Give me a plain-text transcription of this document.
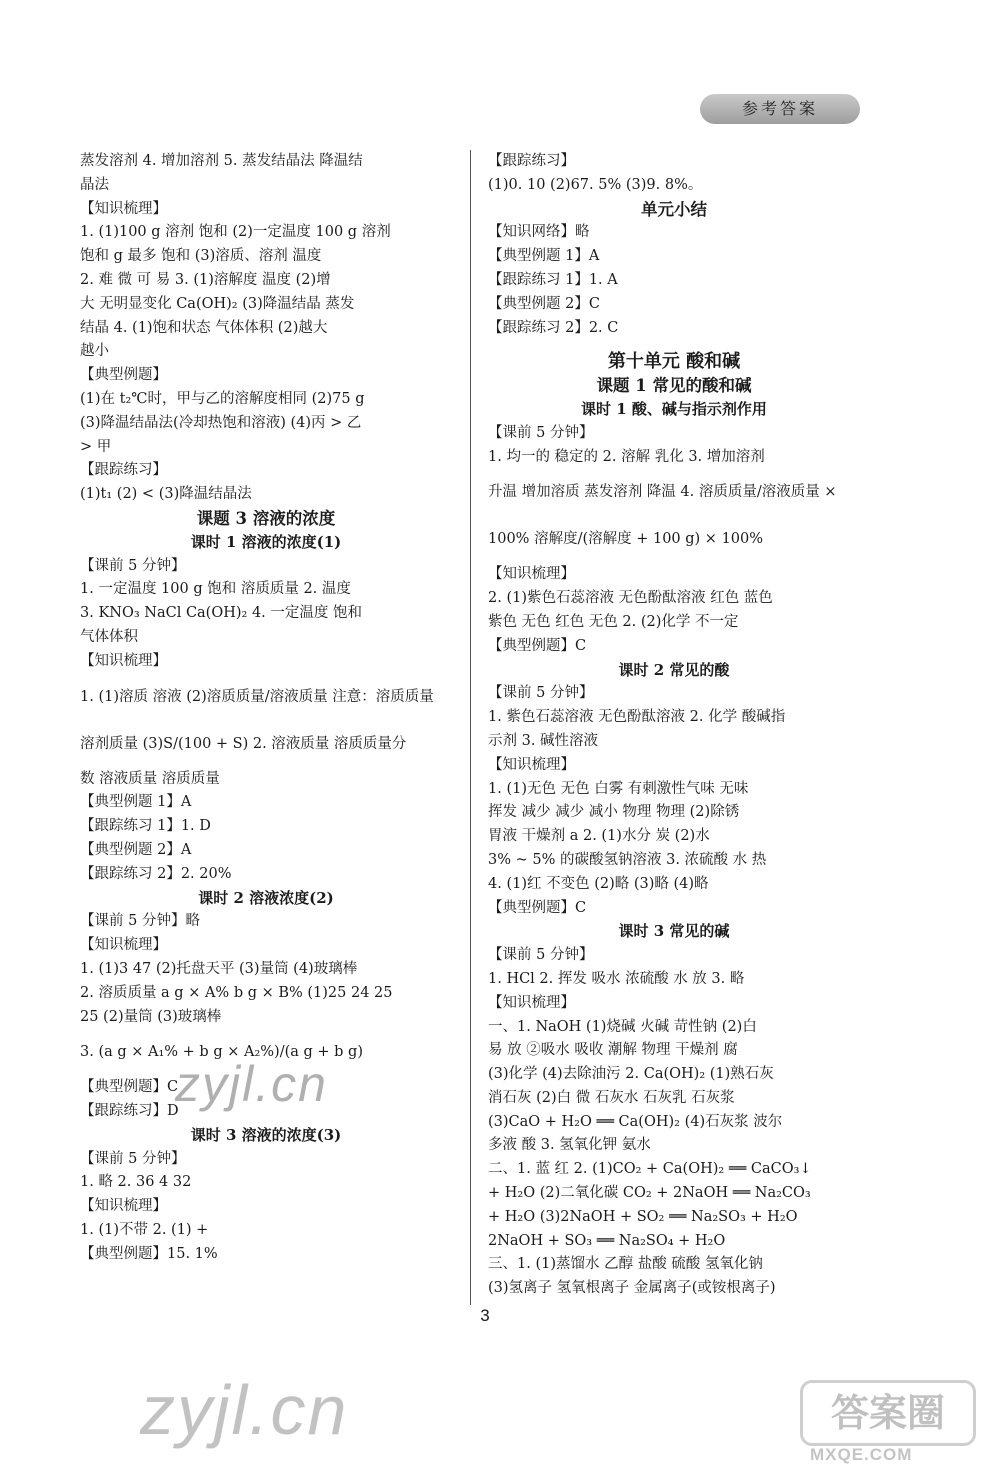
参考答案
蒸发溶剂 4. 增加溶剂 5. 蒸发结晶法 降温结
晶法
【知识梳理】
1. (1)100 g 溶剂 饱和 (2)一定温度 100 g 溶剂
饱和 g 最多 饱和 (3)溶质、溶剂 温度
2. 难 微 可 易 3. (1)溶解度 温度 (2)增
大 无明显变化 Ca(OH)₂ (3)降温结晶 蒸发
结晶 4. (1)饱和状态 气体体积 (2)越大
越小
【典型例题】
(1)在 t₂℃时，甲与乙的溶解度相同 (2)75 g
(3)降温结晶法(冷却热饱和溶液) (4)丙 > 乙
> 甲
【跟踪练习】
(1)t₁ (2) < (3)降温结晶法
课题 3 溶液的浓度
课时 1 溶液的浓度(1)
【课前 5 分钟】
1. 一定温度 100 g 饱和 溶质质量 2. 温度
3. KNO₃ NaCl Ca(OH)₂ 4. 一定温度 饱和
气体体积
【知识梳理】
1. (1)溶质 溶液 (2)溶质质量/溶液质量 注意：溶质质量
溶剂质量 (3)S/(100 + S) 2. 溶液质量 溶质质量分
数 溶液质量 溶质质量
【典型例题 1】A
【跟踪练习 1】1. D
【典型例题 2】A
【跟踪练习 2】2. 20%
课时 2 溶液浓度(2)
【课前 5 分钟】略
【知识梳理】
1. (1)3 47 (2)托盘天平 (3)量筒 (4)玻璃棒
2. 溶质质量 a g × A% b g × B% (1)25 24 25
25 (2)量筒 (3)玻璃棒
3. (a g × A₁% + b g × A₂%)/(a g + b g)
【典型例题】C
【跟踪练习】D
课时 3 溶液的浓度(3)
【课前 5 分钟】
1. 略 2. 36 4 32
【知识梳理】
1. (1)不带 2. (1) +
【典型例题】15. 1%
【跟踪练习】
(1)0. 10 (2)67. 5% (3)9. 8%。
单元小结
【知识网络】略
【典型例题 1】A
【跟踪练习 1】1. A
【典型例题 2】C
【跟踪练习 2】2. C
第十单元 酸和碱
课题 1 常见的酸和碱
课时 1 酸、碱与指示剂作用
【课前 5 分钟】
1. 均一的 稳定的 2. 溶解 乳化 3. 增加溶剂
升温 增加溶质 蒸发溶剂 降温 4. 溶质质量/溶液质量 ×
100% 溶解度/(溶解度 + 100 g) × 100%
【知识梳理】
2. (1)紫色石蕊溶液 无色酚酞溶液 红色 蓝色
紫色 无色 红色 无色 2. (2)化学 不一定
【典型例题】C
课时 2 常见的酸
【课前 5 分钟】
1. 紫色石蕊溶液 无色酚酞溶液 2. 化学 酸碱指
示剂 3. 碱性溶液
【知识梳理】
1. (1)无色 无色 白雾 有刺激性气味 无味
挥发 减少 减少 减小 物理 物理 (2)除锈
胃液 干燥剂 a 2. (1)水分 炭 (2)水
3% ~ 5% 的碳酸氢钠溶液 3. 浓硫酸 水 热
4. (1)红 不变色 (2)略 (3)略 (4)略
【典型例题】C
课时 3 常见的碱
【课前 5 分钟】
1. HCl 2. 挥发 吸水 浓硫酸 水 放 3. 略
【知识梳理】
一、1. NaOH (1)烧碱 火碱 苛性钠 (2)白
易 放 ②吸水 吸收 潮解 物理 干燥剂 腐
(3)化学 (4)去除油污 2. Ca(OH)₂ (1)熟石灰
消石灰 (2)白 微 石灰水 石灰乳 石灰浆
(3)CaO + H₂O ══ Ca(OH)₂ (4)石灰浆 波尔
多液 酸 3. 氢氧化钾 氨水
二、1. 蓝 红 2. (1)CO₂ + Ca(OH)₂ ══ CaCO₃↓
+ H₂O (2)二氧化碳 CO₂ + 2NaOH ══ Na₂CO₃
+ H₂O (3)2NaOH + SO₂ ══ Na₂SO₃ + H₂O
2NaOH + SO₃ ══ Na₂SO₄ + H₂O
三、1. (1)蒸馏水 乙醇 盐酸 硫酸 氢氧化钠
(3)氢离子 氢氧根离子 金属离子(或铵根离子)
3
zyjl.cn
zyjl.cn	答案圈
MXQE.COM
